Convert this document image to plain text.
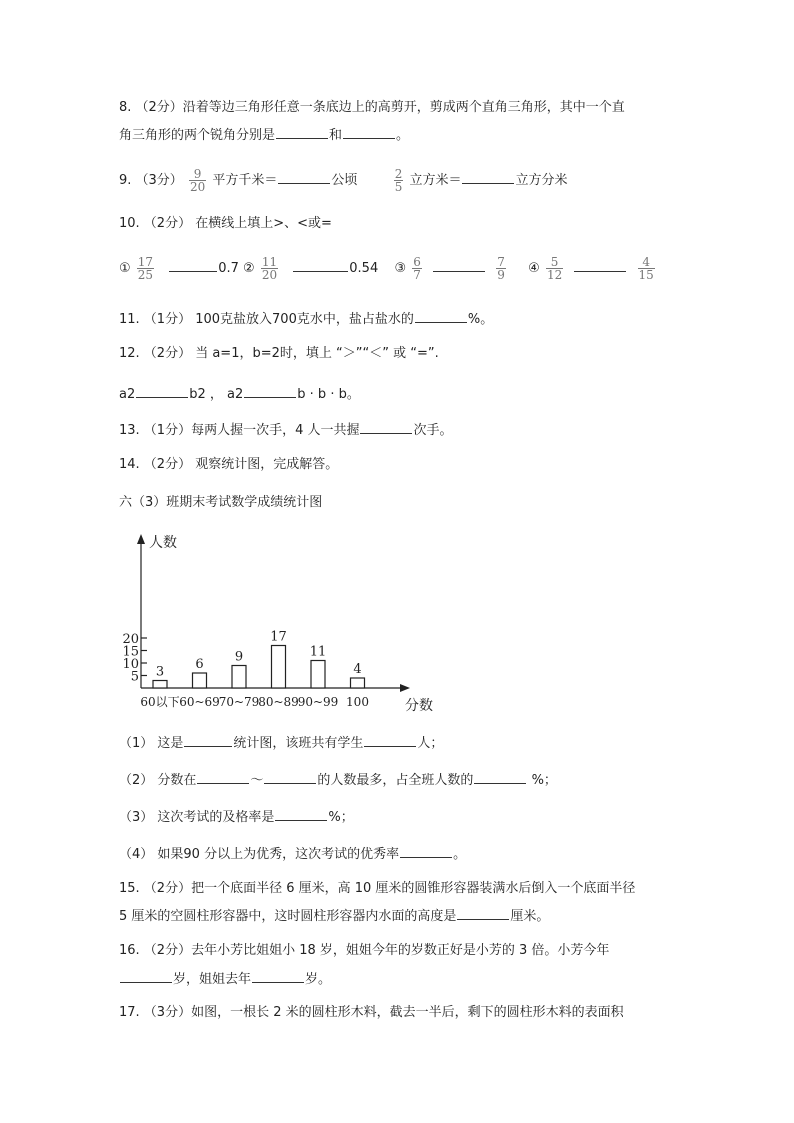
8. （2分）沿着等边三角形任意一条底边上的高剪开，剪成两个直角三角形，其中一个直
角三角形的两个锐角分别是	和	。
9. （3分） $\frac{9}{20}$ 平方千米＝	公顷	$\frac{2}{5}$ 立方米＝	立方分米
10. （2分） 在横线上填上>、<或=
① $\frac{17}{25}$	0.7 ② $\frac{11}{20}$	0.54 ③ $\frac{6}{7}$
	$\frac{7}{9}$ ④ $\frac{5}{12}$
	$\frac{4}{15}$
11. （1分） 100克盐放入700克水中，盐占盐水的	%。
12. （2分） 当 a=1，b=2时，填上 “＞”“＜” 或 “=”.
a2	b2 ， a2	b · b · b。
13. （1分）每两人握一次手，4 人一共握	次手。
14. （2分） 观察统计图，完成解答。
六（3）班期末考试数学成绩统计图
人数
分数
5
10
15
20
3
60以下
6
60~69
9
70~79
17
80~89
11
90~99
4
100
（1） 这是	统计图，该班共有学生	人；
（2） 分数在	～	的人数最多，占全班人数的	%；
（3） 这次考试的及格率是	%；
（4） 如果90 分以上为优秀，这次考试的优秀率	。
15. （2分）把一个底面半径 6 厘米，高 10 厘米的圆锥形容器装满水后倒入一个底面半径
5 厘米的空圆柱形容器中，这时圆柱形容器内水面的高度是	厘米。
16. （2分）去年小芳比姐姐小 18 岁，姐姐今年的岁数正好是小芳的 3 倍。小芳今年
岁，姐姐去年	岁。
17. （3分）如图，一根长 2 米的圆柱形木料，截去一半后，剩下的圆柱形木料的表面积
